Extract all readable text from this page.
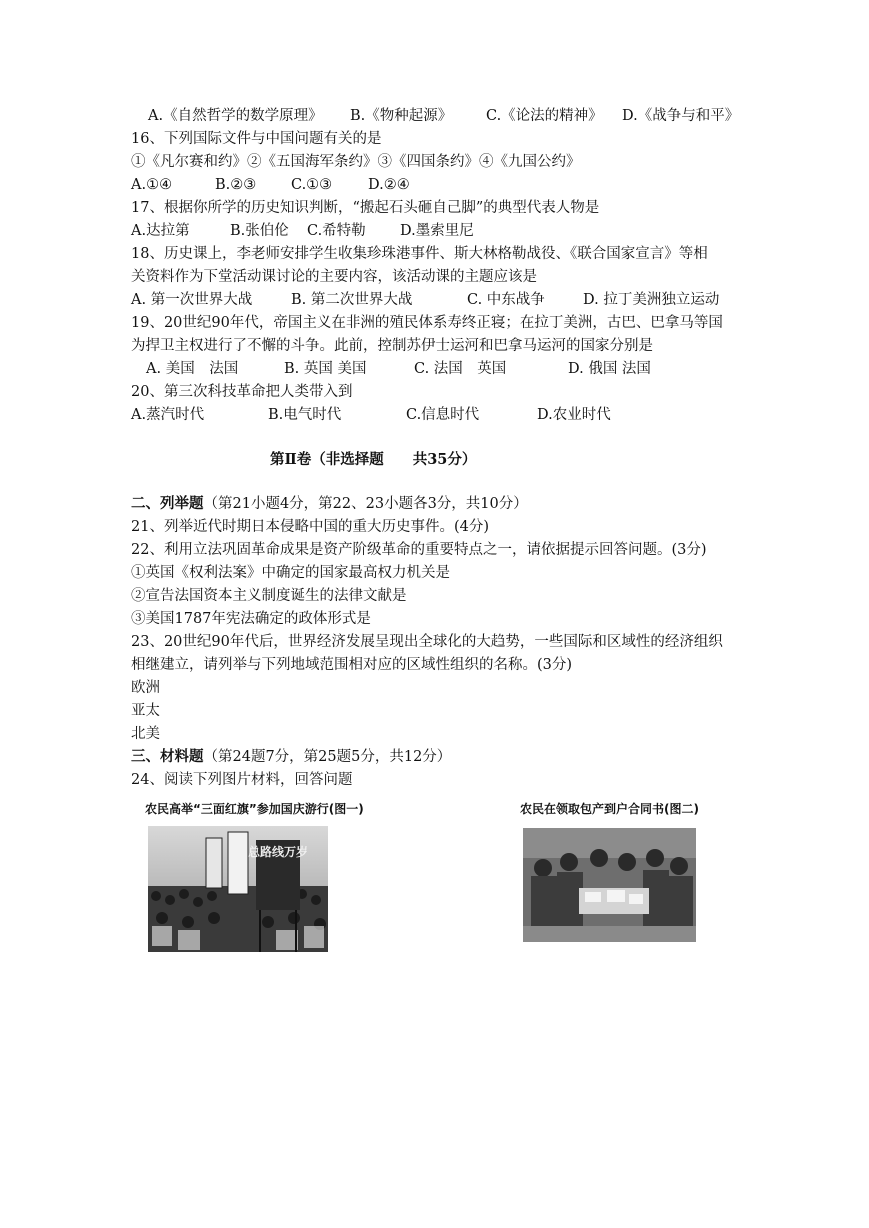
A.《自然哲学的数学原理》 B.《物种起源》 C.《论法的精神》 D.《战争与和平》
16、下列国际文件与中国问题有关的是
①《凡尔赛和约》②《五国海军条约》③《四国条约》④《九国公约》
A.①④	B.②③ C.①③ D.②④
17、根据你所学的历史知识判断，“搬起石头砸自己脚”的典型代表人物是
A.达拉第	B.张伯伦 C.希特勒 D.墨索里尼
18、历史课上，李老师安排学生收集珍珠港事件、斯大林格勒战役、《联合国家宣言》等相
关资料作为下堂活动课讨论的主要内容，该活动课的主题应该是
A. 第一次世界大战	B. 第二次世界大战	C. 中东战争	D. 拉丁美洲独立运动
19、20世纪90年代，帝国主义在非洲的殖民体系寿终正寝；在拉丁美洲，古巴、巴拿马等国
为捍卫主权进行了不懈的斗争。此前，控制苏伊士运河和巴拿马运河的国家分别是
A. 美国　法国	B. 英国 美国	C. 法国　英国	D. 俄国 法国
20、第三次科技革命把人类带入到
A.蒸汽时代	B.电气时代	C.信息时代	D.农业时代
第Ⅱ卷（非选择题　　共35分）
二、列举题（第21小题4分，第22、23小题各3分，共10分）
21、列举近代时期日本侵略中国的重大历史事件。(4分)
22、利用立法巩固革命成果是资产阶级革命的重要特点之一，请依据提示回答问题。(3分)
①英国《权利法案》中确定的国家最高权力机关是
②宣告法国资本主义制度诞生的法律文献是
③美国1787年宪法确定的政体形式是
23、20世纪90年代后，世界经济发展呈现出全球化的大趋势，一些国际和区域性的经济组织
相继建立，请列举与下列地域范围相对应的区域性组织的名称。(3分)
欧洲
亚太
北美
三、材料题（第24题7分，第25题5分，共12分）
24、阅读下列图片材料，回答问题
农民高举“三面红旗”参加国庆游行(图一)
总路线万岁
农民在领取包产到户合同书(图二)
